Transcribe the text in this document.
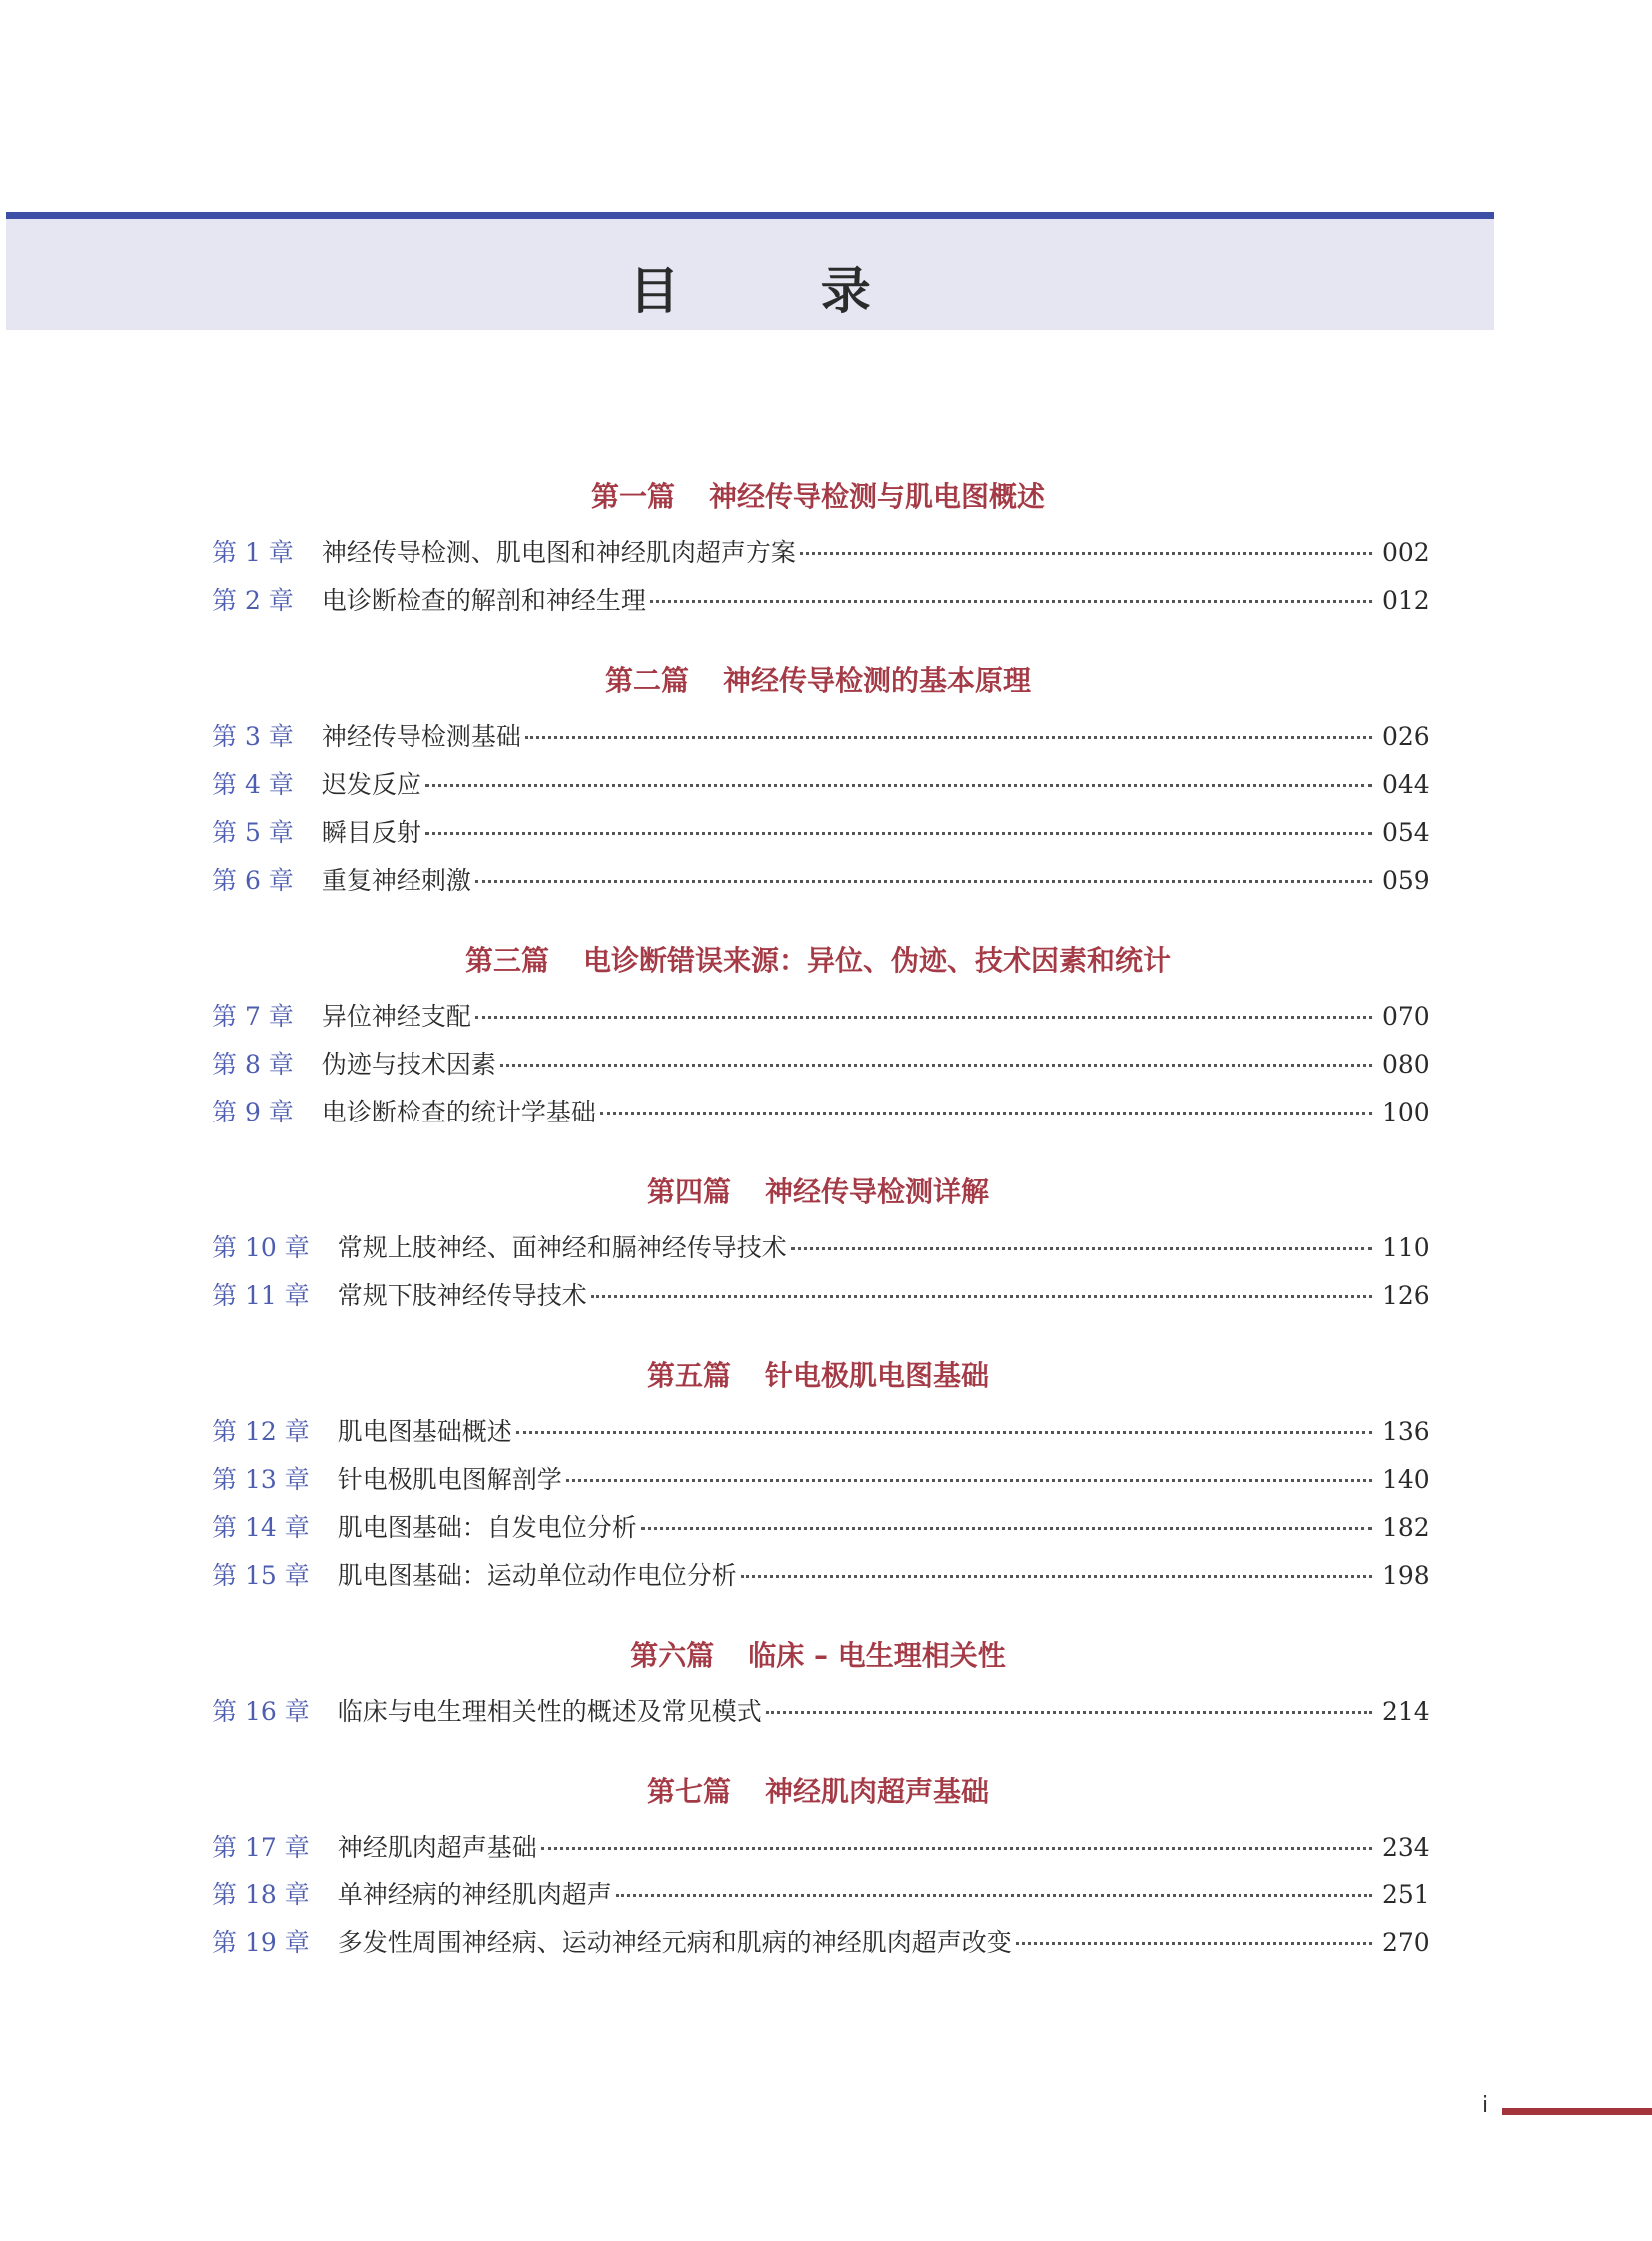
目 录
第一篇 神经传导检测与肌电图概述
第 1 章 神经传导检测、肌电图和神经肌肉超声方案	002
第 2 章 电诊断检查的解剖和神经生理	012
第二篇 神经传导检测的基本原理
第 3 章 神经传导检测基础	026
第 4 章 迟发反应	044
第 5 章 瞬目反射	054
第 6 章 重复神经刺激	059
第三篇 电诊断错误来源：异位、伪迹、技术因素和统计
第 7 章 异位神经支配	070
第 8 章 伪迹与技术因素	080
第 9 章 电诊断检查的统计学基础	100
第四篇 神经传导检测详解
第 10 章 常规上肢神经、面神经和膈神经传导技术	110
第 11 章 常规下肢神经传导技术	126
第五篇 针电极肌电图基础
第 12 章 肌电图基础概述	136
第 13 章 针电极肌电图解剖学	140
第 14 章 肌电图基础：自发电位分析	182
第 15 章 肌电图基础：运动单位动作电位分析	198
第六篇 临床 – 电生理相关性
第 16 章 临床与电生理相关性的概述及常见模式	214
第七篇 神经肌肉超声基础
第 17 章 神经肌肉超声基础	234
第 18 章 单神经病的神经肌肉超声	251
第 19 章 多发性周围神经病、运动神经元病和肌病的神经肌肉超声改变	270
i
